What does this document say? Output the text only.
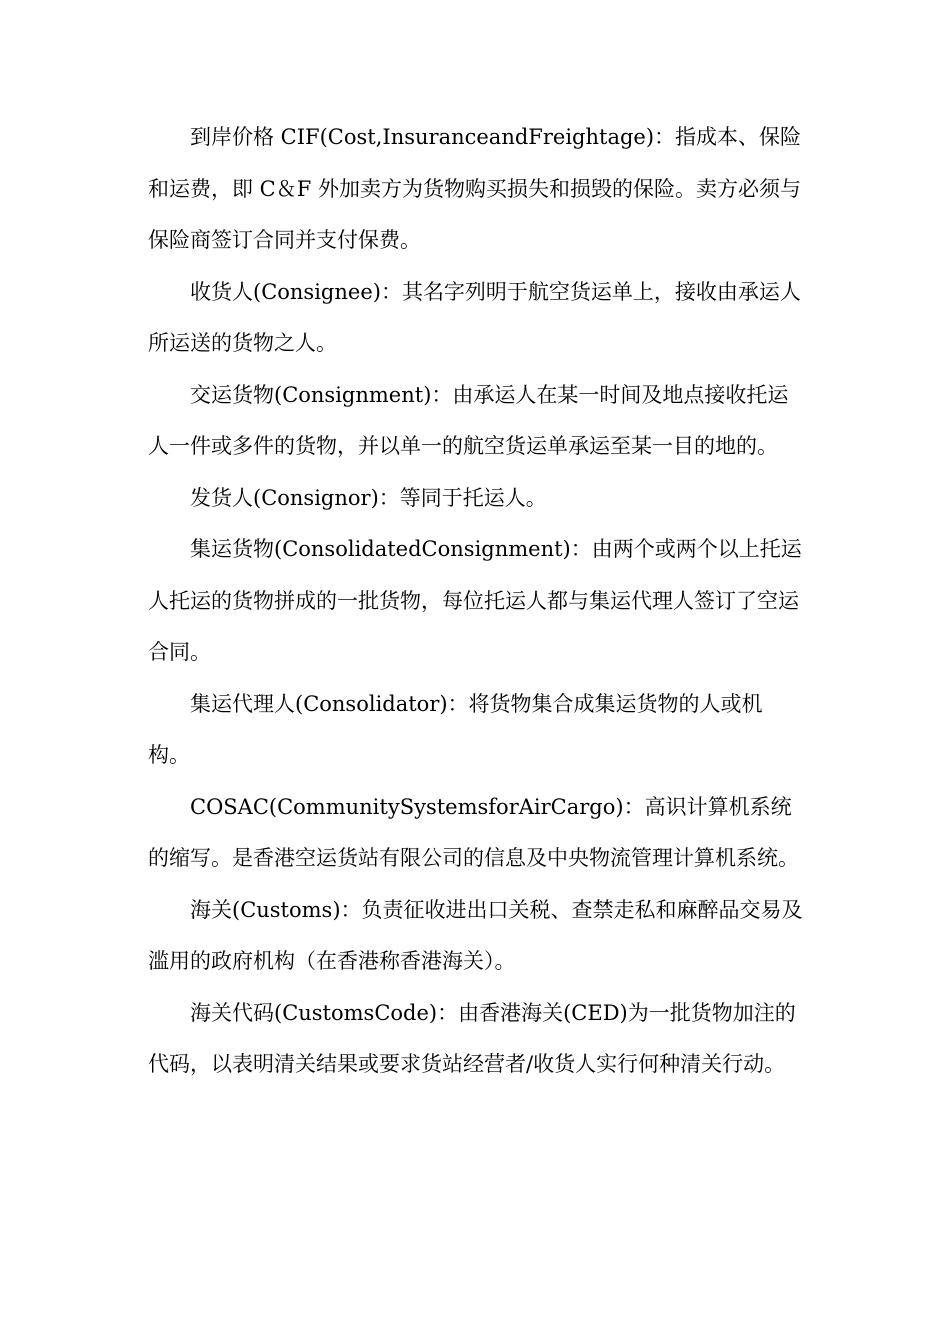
到岸价格 CIF(Cost,InsuranceandFreightage)：指成本、保险和运费，即 C＆F 外加卖方为货物购买损失和损毁的保险。卖方必须与保险商签订合同并支付保费。

收货人(Consignee)：其名字列明于航空货运单上，接收由承运人所运送的货物之人。

交运货物(Consignment)：由承运人在某一时间及地点接收托运人一件或多件的货物，并以单一的航空货运单承运至某一目的地的。

发货人(Consignor)：等同于托运人。

集运货物(ConsolidatedConsignment)：由两个或两个以上托运人托运的货物拼成的一批货物，每位托运人都与集运代理人签订了空运合同。

集运代理人(Consolidator)：将货物集合成集运货物的人或机构。

COSAC(CommunitySystemsforAirCargo)：高识计算机系统的缩写。是香港空运货站有限公司的信息及中央物流管理计算机系统。

海关(Customs)：负责征收进出口关税、查禁走私和麻醉品交易及滥用的政府机构（在香港称香港海关）。

海关代码(CustomsCode)：由香港海关(CED)为一批货物加注的代码，以表明清关结果或要求货站经营者/收货人实行何种清关行动。
